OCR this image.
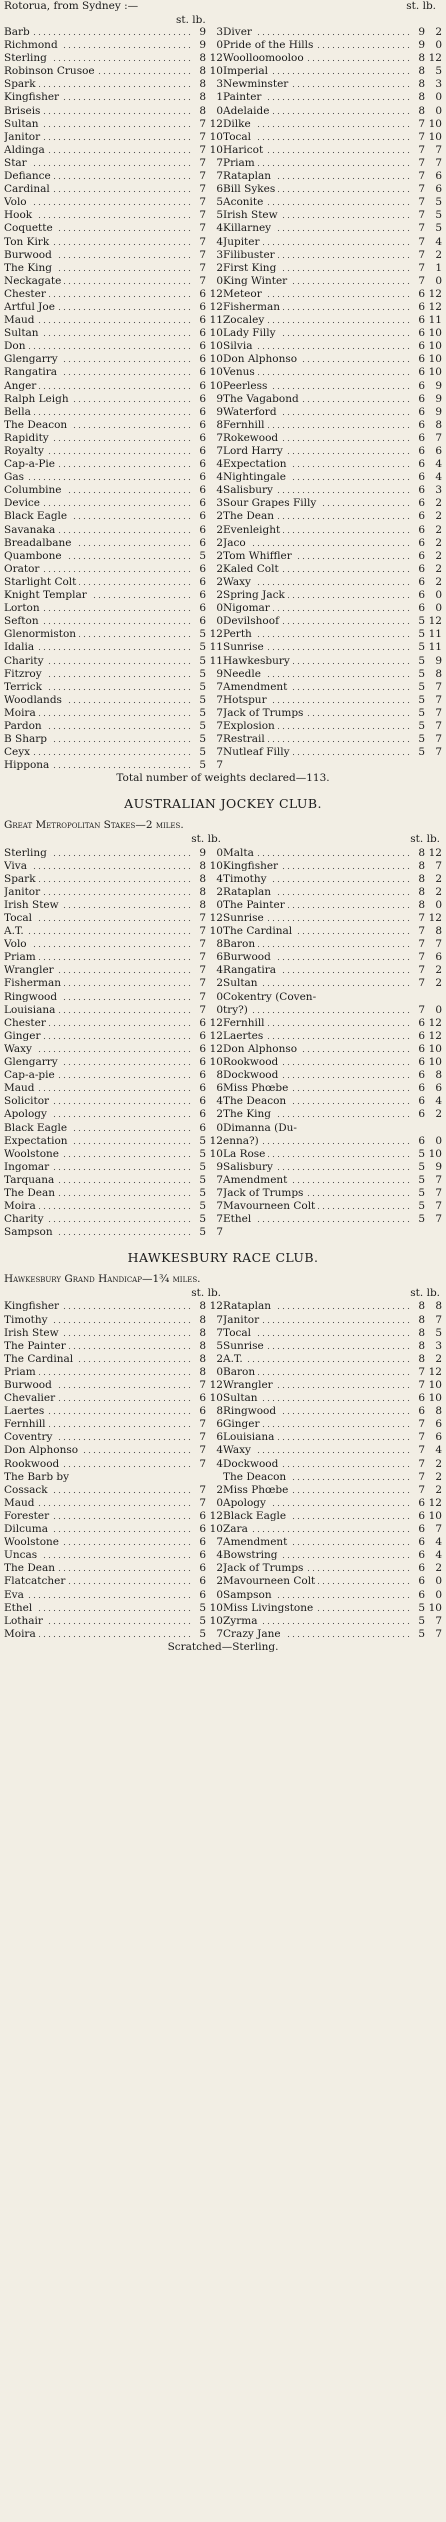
Rotorua, from Sydney :—	st. lb.
st. lb.
Barb	9 3 Diver	9 2
Richmond	9 0 Pride of the Hills	9 0
Sterling	8 12 Woolloomooloo	8 12
Robinson Crusoe	8 10 Imperial	8 5
Spark	8 3 Newminster	8 3
Kingfisher	8 1 Painter	8 0
Briseis	8 0 Adelaide	8 0
Sultan	7 12 Dilke	7 10
Janitor	7 10 Tocal	7 10
Aldinga	7 10 Haricot	7 7
Star	7 7 Priam	7 7
Defiance	7 7 Rataplan	7 6
Cardinal	7 6 Bill Sykes	7 6
Volo	7 5 Aconite	7 5
Hook	7 5 Irish Stew	7 5
Coquette	7 4 Killarney	7 5
Ton Kirk	7 4 Jupiter	7 4
Burwood	7 3 Filibuster	7 2
The King	7 2 First King	7 1
Neckagate	7 0 King Winter	7 0
Chester	6 12 Meteor	6 12
Artful Joe	6 12 Fisherman	6 12
Maud	6 11 Zocaley	6 11
Sultan	6 10 Lady Filly	6 10
Don	6 10 Silvia	6 10
Glengarry	6 10 Don Alphonso	6 10
Rangatira	6 10 Venus	6 10
Anger	6 10 Peerless	6 9
Ralph Leigh	6 9 The Vagabond	6 9
Bella	6 9 Waterford	6 9
The Deacon	6 8 Fernhill	6 8
Rapidity	6 7 Rokewood	6 7
Royalty	6 7 Lord Harry	6 6
Cap-a-Pie	6 4 Expectation	6 4
Gas	6 4 Nightingale	6 4
Columbine	6 4 Salisbury	6 3
Device	6 3 Sour Grapes Filly	6 2
Black Eagle	6 2 The Dean	6 2
Savanaka	6 2 Evenleight	6 2
Breadalbane	6 2 Jaco	6 2
Quambone	5 2 Tom Whiffler	6 2
Orator	6 2 Kaled Colt	6 2
Starlight Colt	6 2 Waxy	6 2
Knight Templar	6 2 Spring Jack	6 0
Lorton	6 0 Nigomar	6 0
Sefton	6 0 Devilshoof	5 12
Glenormiston	5 12 Perth	5 11
Idalia	5 11 Sunrise	5 11
Charity	5 11 Hawkesbury	5 9
Fitzroy	5 9 Needle	5 8
Terrick	5 7 Amendment	5 7
Woodlands	5 7 Hotspur	5 7
Moira	5 7 Jack of Trumps	5 7
Pardon	5 7 Explosion	5 7
B Sharp	5 7 Restrail	5 7
Ceyx	5 7 Nutleaf Filly	5 7
Hippona	5 7
Total number of weights declared—113.
AUSTRALIAN JOCKEY CLUB.
Great Metropolitan Stakes—2 miles.
st. lb.	st. lb.
Sterling	9 0 Malta	8 12
Viva	8 10 Kingfisher	8 7
Spark	8 4 Timothy	8 2
Janitor	8 2 Rataplan	8 2
Irish Stew	8 0 The Painter	8 0
Tocal	7 12 Sunrise	7 12
A.T.	7 10 The Cardinal	7 8
Volo	7 8 Baron	7 7
Priam	7 6 Burwood	7 6
Wrangler	7 4 Rangatira	7 2
Fisherman	7 2 Sultan	7 2
Ringwood	7 0 Cokentry (Coven-
Louisiana	7 0 try?)	7 0
Chester	6 12 Fernhill	6 12
Ginger	6 12 Laertes	6 12
Waxy	6 12 Don Alphonso	6 10
Glengarry	6 10 Rookwood	6 10
Cap-a-pie	6 8 Dockwood	6 8
Maud	6 6 Miss Phœbe	6 6
Solicitor	6 4 The Deacon	6 4
Apology	6 2 The King	6 2
Black Eagle	6 0 Dimanna (Du-
Expectation	5 12 enna?)	6 0
Woolstone	5 10 La Rose	5 10
Ingomar	5 9 Salisbury	5 9
Tarquana	5 7 Amendment	5 7
The Dean	5 7 Jack of Trumps	5 7
Moira	5 7 Mavourneen Colt	5 7
Charity	5 7 Ethel	5 7
Sampson	5 7
HAWKESBURY RACE CLUB.
Hawkesbury Grand Handicap—1¾ miles.
st. lb.	st. lb.
Kingfisher	8 12 Rataplan	8 8
Timothy	8 7 Janitor	8 7
Irish Stew	8 7 Tocal	8 5
The Painter	8 5 Sunrise	8 3
The Cardinal	8 2 A.T.	8 2
Priam	8 0 Baron	7 12
Burwood	7 12 Wrangler	7 10
Chevalier	6 10 Sultan	6 10
Laertes	6 8 Ringwood	6 8
Fernhill	7 6 Ginger	7 6
Coventry	7 6 Louisiana	7 6
Don Alphonso	7 4 Waxy	7 4
Rookwood	7 4 Dockwood	7 2
The Barb by	The Deacon	7 2
Cossack	7 2 Miss Phœbe	7 2
Maud	7 0 Apology	6 12
Forester	6 12 Black Eagle	6 10
Dilcuma	6 10 Zara	6 7
Woolstone	6 7 Amendment	6 4
Uncas	6 4 Bowstring	6 4
The Dean	6 2 Jack of Trumps	6 2
Flatcatcher	6 2 Mavourneen Colt	6 0
Eva	6 0 Sampson	6 0
Ethel	5 10 Miss Livingstone	5 10
Lothair	5 10 Zyrma	5 7
Moira	5 7 Crazy Jane	5 7
Scratched—Sterling.
